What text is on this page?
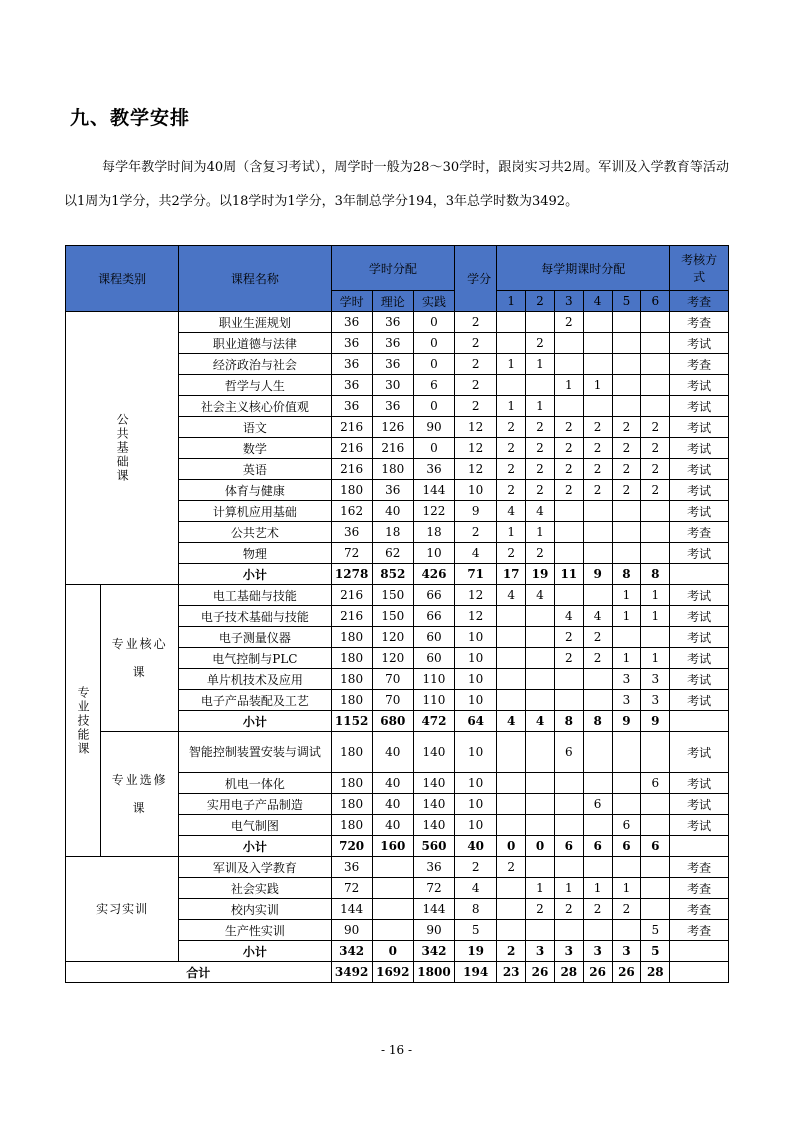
九、教学安排
每学年教学时间为40周（含复习考试），周学时一般为28～30学时，跟岗实习共2周。军训及入学教育等活动以1周为1学分，共2学分。以18学时为1学分，3年制总学分194，3年总学时数为3492。
课程类别		课程名称	学时分配			学分	每学期课时分配						考核方式
			学时	理论	实践		1	2	3	4	5	6	考查
公共基础课		职业生涯规划	36	36	0	2			2				考查
		职业道德与法律	36	36	0	2		2					考试
		经济政治与社会	36	36	0	2	1	1					考查
		哲学与人生	36	30	6	2			1	1			考试
		社会主义核心价值观	36	36	0	2	1	1					考试
		语文	216	126	90	12	2	2	2	2	2	2	考试
		数学	216	216	0	12	2	2	2	2	2	2	考试
		英语	216	180	36	12	2	2	2	2	2	2	考试
		体育与健康	180	36	144	10	2	2	2	2	2	2	考试
		计算机应用基础	162	40	122	9	4	4					考试
		公共艺术	36	18	18	2	1	1					考查
		物理	72	62	10	4	2	2					考试
		小计	1278	852	426	71	17	19	11	9	8	8	
专业技能课	专业核心课	电工基础与技能	216	150	66	12	4	4			1	1	考试
		电子技术基础与技能	216	150	66	12			4	4	1	1	考试
		电子测量仪器	180	120	60	10			2	2			考试
		电气控制与PLC	180	120	60	10			2	2	1	1	考试
		单片机技术及应用	180	70	110	10					3	3	考试
		电子产品装配及工艺	180	70	110	10					3	3	考试
		小计	1152	680	472	64	4	4	8	8	9	9	
	专业选修课	智能控制装置安装与调试	180	40	140	10			6				考试
		机电一体化	180	40	140	10						6	考试
		实用电子产品制造	180	40	140	10				6			考试
		电气制图	180	40	140	10					6		考试
		小计	720	160	560	40	0	0	6	6	6	6	
实习实训		军训及入学教育	36		36	2	2						考查
		社会实践	72		72	4		1	1	1	1		考查
		校内实训	144		144	8		2	2	2	2		考查
		生产性实训	90		90	5						5	考查
		小计	342	0	342	19	2	3	3	3	3	5	
合计			3492	1692	1800	194	23	26	28	26	26	28	
- 16 -
